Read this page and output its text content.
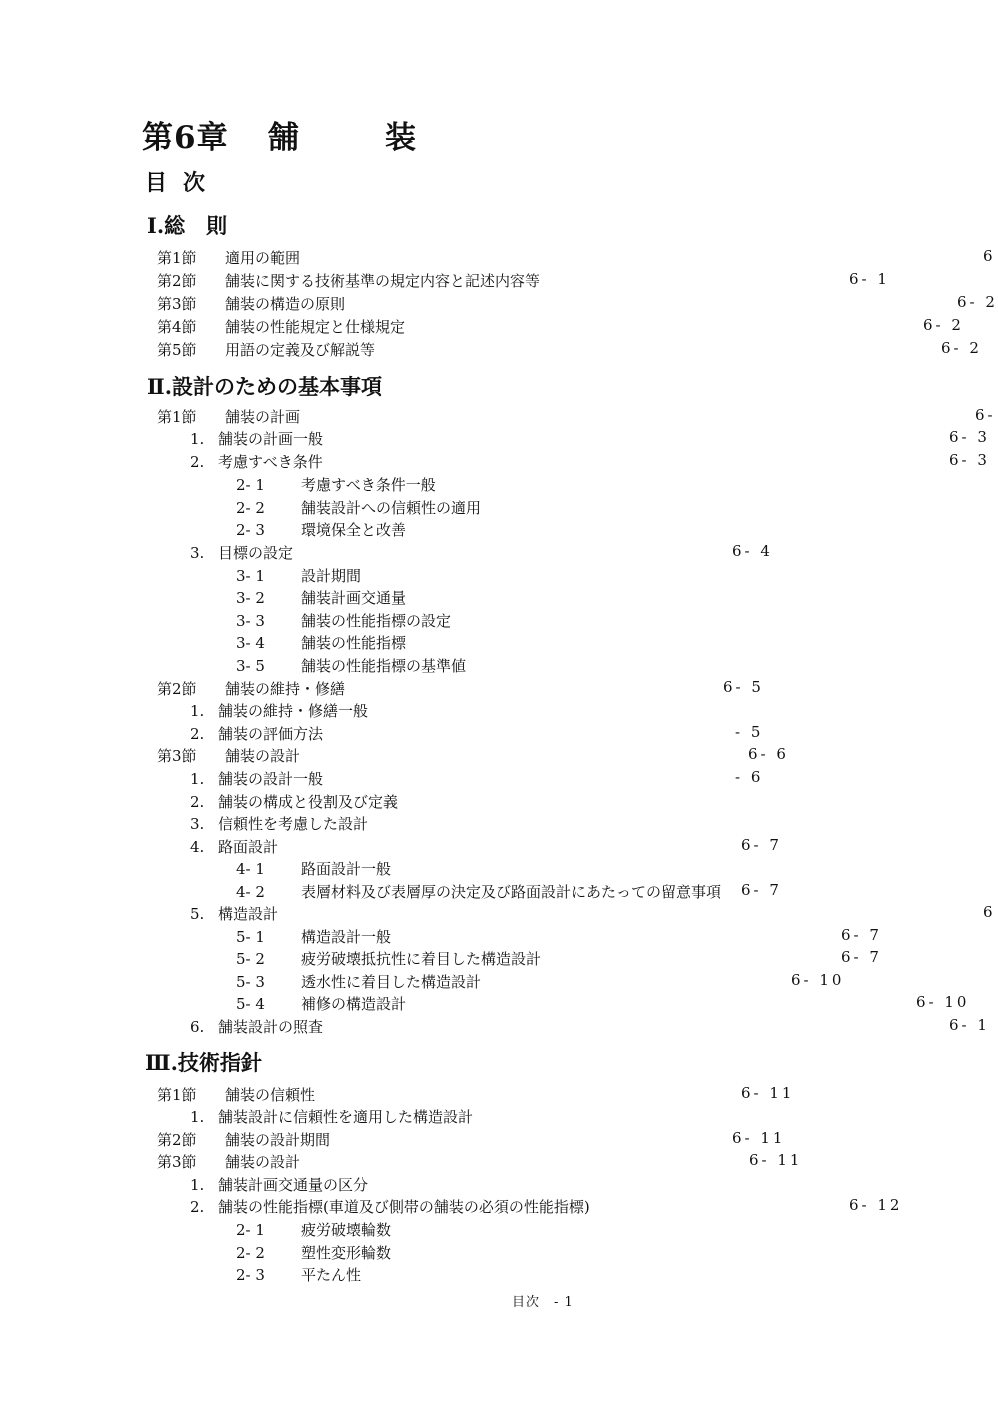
第6章 舗	装
目次
Ⅰ.総　則
Ⅱ.設計のための基本事項
Ⅲ.技術指針
第1節 適用の範囲	6
第2節 舗装に関する技術基準の規定内容と記述内容等	6- 1
第3節 舗装の構造の原則	6- 2
第4節 舗装の性能規定と仕様規定	6- 2
第5節 用語の定義及び解説等	6- 2
第1節 舗装の計画	6-
1. 舗装の計画一般	6- 3
2. 考慮すべき条件	6- 3
2- 1 考慮すべき条件一般
2- 2 舗装設計への信頼性の適用
2- 3 環境保全と改善
3. 目標の設定	6- 4
3- 1 設計期間
3- 2 舗装計画交通量
3- 3 舗装の性能指標の設定
3- 4 舗装の性能指標
3- 5 舗装の性能指標の基準値
第2節 舗装の維持・修繕	6- 5
1. 舗装の維持・修繕一般
2. 舗装の評価方法	- 5
第3節 舗装の設計	6- 6
1. 舗装の設計一般	- 6
2. 舗装の構成と役割及び定義
3. 信頼性を考慮した設計
4. 路面設計	6- 7
4- 1 路面設計一般
4- 2 表層材料及び表層厚の決定及び路面設計にあたっての留意事項 6- 7
5. 構造設計	6
5- 1 構造設計一般	6- 7
5- 2 疲労破壊抵抗性に着目した構造設計	6- 7
5- 3 透水性に着目した構造設計	6- 10
5- 4 補修の構造設計	6- 10
6. 舗装設計の照査	6- 1
第1節 舗装の信頼性	6- 11
1. 舗装設計に信頼性を適用した構造設計
第2節 舗装の設計期間	6- 11
第3節 舗装の設計	6- 11
1. 舗装計画交通量の区分
2. 舗装の性能指標(車道及び側帯の舗装の必須の性能指標)	6- 12
2- 1 疲労破壊輪数
2- 2 塑性変形輪数
2- 3 平たん性
目次　- 1
